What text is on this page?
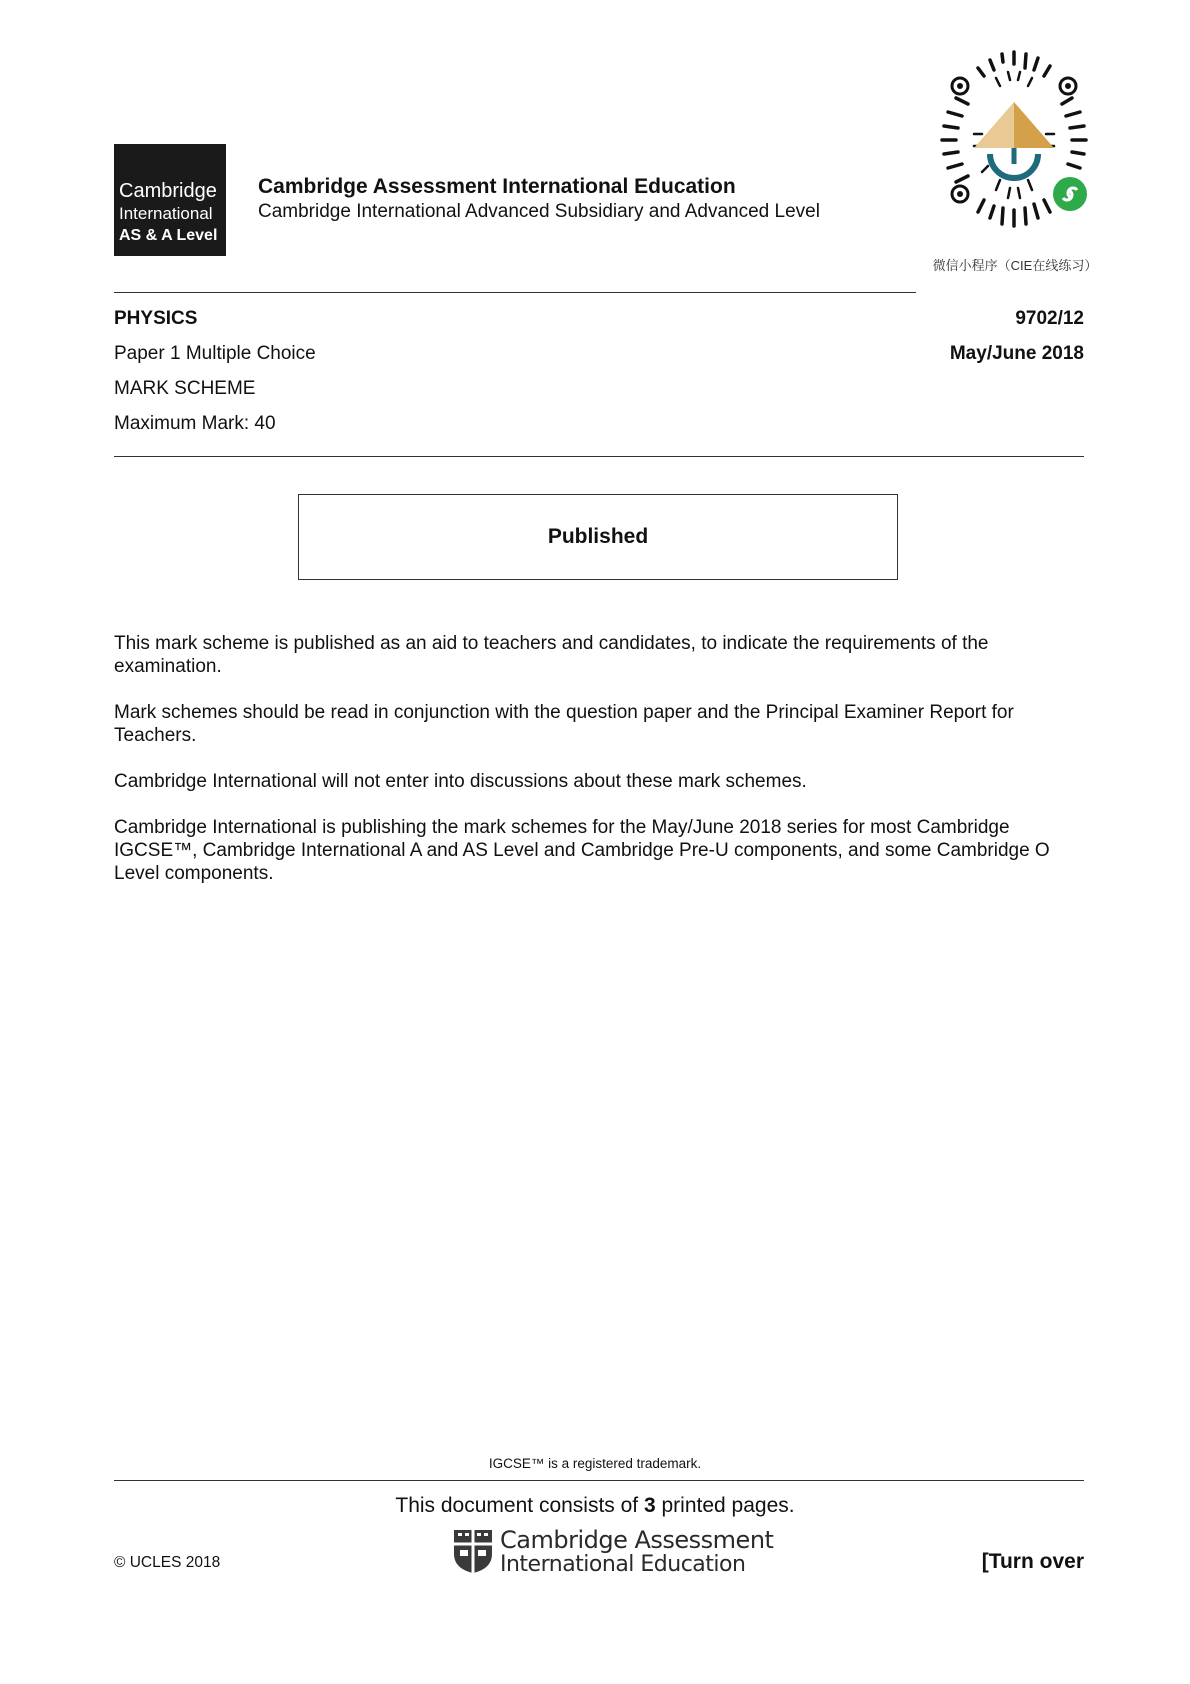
Cambridge
International
AS & A Level
Cambridge Assessment International Education
Cambridge International Advanced Subsidiary and Advanced Level
微信小程序（CIE在线练习）
PHYSICS	9702/12
Paper 1 Multiple Choice	May/June 2018
MARK SCHEME
Maximum Mark: 40
Published

This mark scheme is published as an aid to teachers and candidates, to indicate the requirements of the examination.

Mark schemes should be read in conjunction with the question paper and the Principal Examiner Report for Teachers.

Cambridge International will not enter into discussions about these mark schemes.

Cambridge International is publishing the mark schemes for the May/June 2018 series for most Cambridge IGCSE™, Cambridge International A and AS Level and Cambridge Pre-U components, and some Cambridge O Level components.

IGCSE™ is a registered trademark.
This document consists of 3 printed pages.
© UCLES 2018
Cambridge Assessment
International Education	[Turn over
